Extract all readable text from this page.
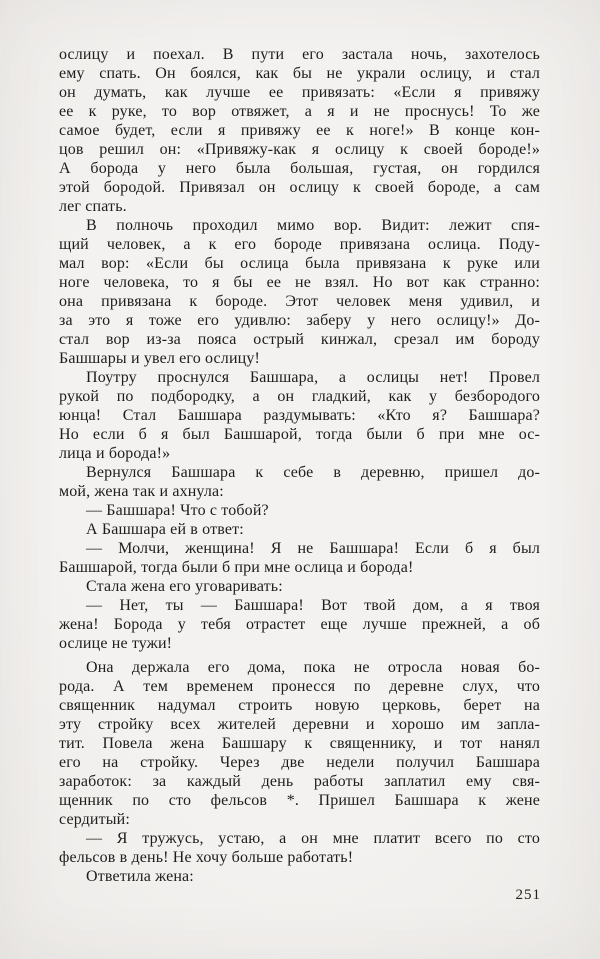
ослицу и поехал. В пути его застала ночь, захотелось
ему спать. Он боялся, как бы не украли ослицу, и стал
он думать, как лучше ее привязать: «Если я привяжу
ее к руке, то вор отвяжет, а я и не проснусь! То же
самое будет, если я привяжу ее к ноге!» В конце кон-
цов решил он: «Привяжу-как я ослицу к своей бороде!»
А борода у него была большая, густая, он гордился
этой бородой. Привязал он ослицу к своей бороде, а сам
лег спать.
В полночь проходил мимо вор. Видит: лежит спя-
щий человек, а к его бороде привязана ослица. Поду-
мал вор: «Если бы ослица была привязана к руке или
ноге человека, то я бы ее не взял. Но вот как странно:
она привязана к бороде. Этот человек меня удивил, и
за это я тоже его удивлю: заберу у него ослицу!» До-
стал вор из-за пояса острый кинжал, срезал им бороду
Башшары и увел его ослицу!
Поутру проснулся Башшара, а ослицы нет! Провел
рукой по подбородку, а он гладкий, как у безбородого
юнца! Стал Башшара раздумывать: «Кто я? Башшара?
Но если б я был Башшарой, тогда были б при мне ос-
лица и борода!»
Вернулся Башшара к себе в деревню, пришел до-
мой, жена так и ахнула:
— Башшара! Что с тобой?
А Башшара ей в ответ:
— Молчи, женщина! Я не Башшара! Если б я был
Башшарой, тогда были б при мне ослица и борода!
Стала жена его уговаривать:
— Нет, ты — Башшара! Вот твой дом, а я твоя
жена! Борода у тебя отрастет еще лучше прежней, а об
ослице не тужи!
Она держала его дома, пока не отросла новая бо-
рода. А тем временем пронесся по деревне слух, что
священник надумал строить новую церковь, берет на
эту стройку всех жителей деревни и хорошо им запла-
тит. Повела жена Башшару к священнику, и тот нанял
его на стройку. Через две недели получил Башшара
заработок: за каждый день работы заплатил ему свя-
щенник по сто фельсов *. Пришел Башшара к жене
сердитый:
— Я тружусь, устаю, а он мне платит всего по сто
фельсов в день! Не хочу больше работать!
Ответила жена:
251
